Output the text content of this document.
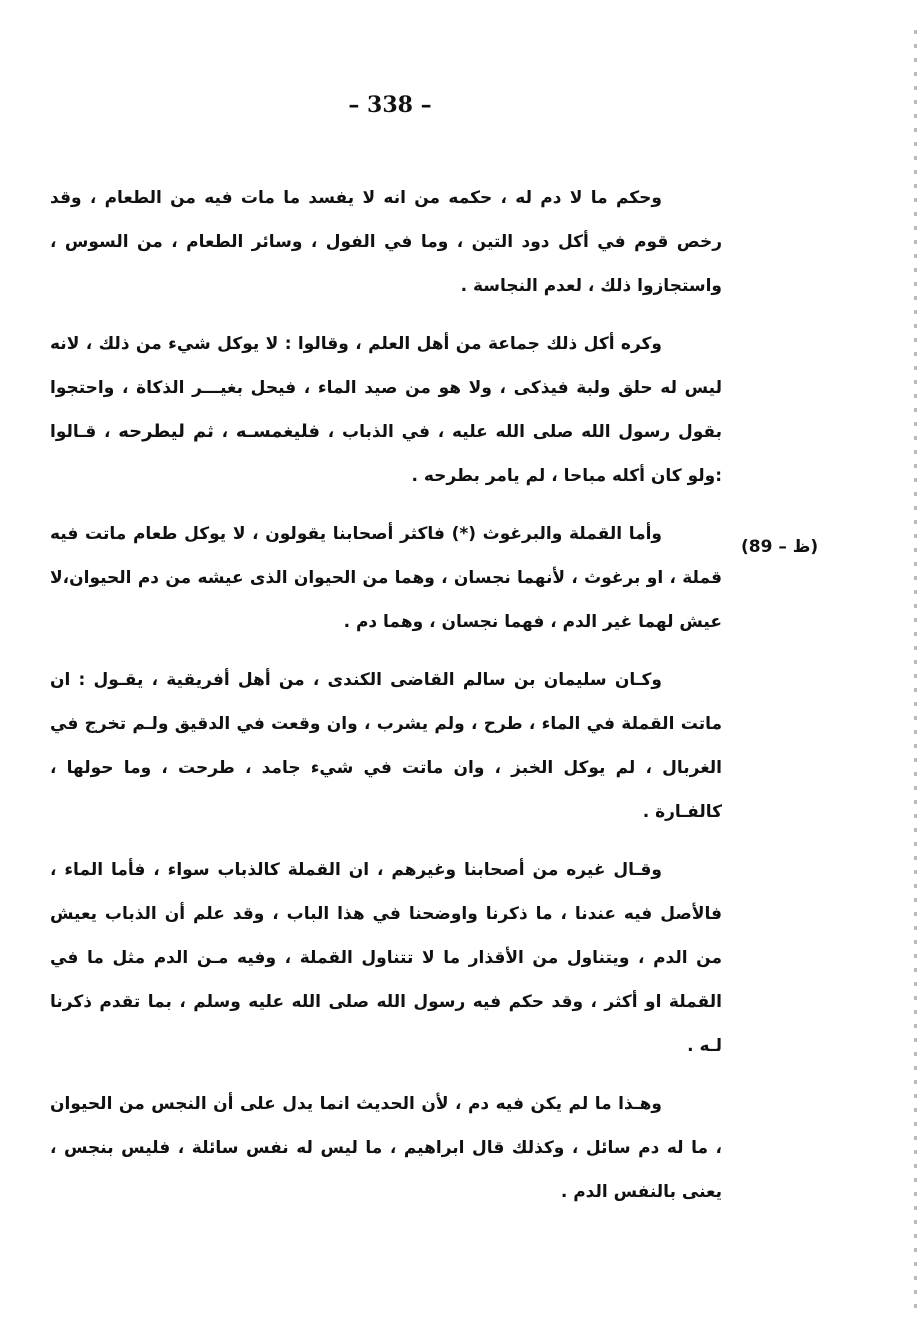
– 338 –
(89 – ظ)

وحكم ما لا دم له ، حكمه من انه لا يفسد ما مات فيه من الطعام ، وقد رخص قوم في أكل دود التين ، وما في الفول ، وسائر الطعام ، من السوس ، واستجازوا ذلك ، لعدم النجاسة .

وكره أكل ذلك جماعة من أهل العلم ، وقالوا : لا يوكل شيء من ذلك ، لانه ليس له حلق ولبة فيذكى ، ولا هو من صيد الماء ، فيحل بغيـــر الذكاة ، واحتجوا بقول رسول الله صلى الله عليه ، في الذباب ، فليغمسـه ، ثم ليطرحه ، قـالوا :ولو كان أكله مباحا ، لم يامر بطرحه .

وأما القملة والبرغوث (*) فاكثر أصحابنا يقولون ، لا يوكل طعام ماتت فيه قملة ، او برغوث ، لأنهما نجسان ، وهما من الحيوان الذى عيشه من دم الحيوان،لا عيش لهما غير الدم ، فهما نجسان ، وهما دم .

وكـان سليمان بن سالم القاضى الكندى ، من أهل أفريقية ، يقـول : ان ماتت القملة في الماء ، طرح ، ولم يشرب ، وان وقعت في الدقيق ولـم تخرج في الغربال ، لم يوكل الخبز ، وان ماتت في شيء جامد ، طرحت ، وما حولها ، كالفـارة .

وقـال غيره من أصحابنا وغيرهم ، ان القملة كالذباب سواء ، فأما الماء ، فالأصل فيه عندنا ، ما ذكرنا واوضحنا في هذا الباب ، وقد علم أن الذباب يعيش من الدم ، ويتناول من الأقذار ما لا تتناول القملة ، وفيه مـن الدم مثل ما في القملة او أكثر ، وقد حكم فيه رسول الله صلى الله عليه وسلم ، بما تقدم ذكرنا لـه .

وهـذا ما لم يكن فيه دم ، لأن الحديث انما يدل على أن النجس من الحيوان ، ما له دم سائل ، وكذلك قال ابراهيم ، ما ليس له نفس سائلة ، فليس بنجس ، يعنى بالنفس الدم .
